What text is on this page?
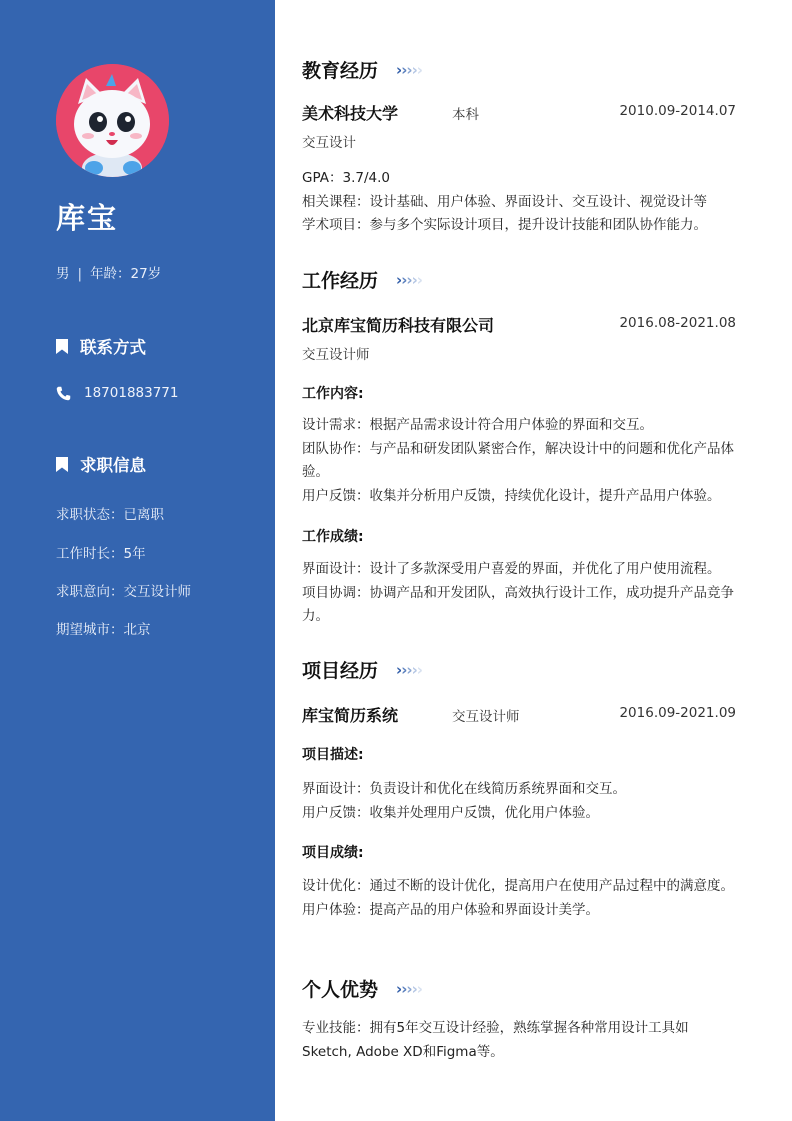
库宝
男 | 年龄：27岁
联系方式
18701883771
求职信息
求职状态：已离职
工作时长：5年
求职意向：交互设计师
期望城市：北京
教育经历 › › › › ›
美术科技大学	本科	2010.09-2014.07
交互设计
GPA：3.7/4.0
相关课程：设计基础、用户体验、界面设计、交互设计、视觉设计等
学术项目：参与多个实际设计项目，提升设计技能和团队协作能力。
工作经历 › › › › ›
北京库宝简历科技有限公司	2016.08-2021.08
交互设计师
工作内容:
设计需求：根据产品需求设计符合用户体验的界面和交互。
团队协作：与产品和研发团队紧密合作，解决设计中的问题和优化产品体验。
用户反馈：收集并分析用户反馈，持续优化设计，提升产品用户体验。
工作成绩:
界面设计：设计了多款深受用户喜爱的界面，并优化了用户使用流程。
项目协调：协调产品和开发团队，高效执行设计工作，成功提升产品竞争力。
项目经历 › › › › ›
库宝简历系统	交互设计师	2016.09-2021.09
项目描述:
界面设计：负责设计和优化在线简历系统界面和交互。
用户反馈：收集并处理用户反馈，优化用户体验。
项目成绩:
设计优化：通过不断的设计优化，提高用户在使用产品过程中的满意度。
用户体验：提高产品的用户体验和界面设计美学。
个人优势 › › › › ›
专业技能：拥有5年交互设计经验，熟练掌握各种常用设计工具如Sketch, Adobe XD和Figma等。
